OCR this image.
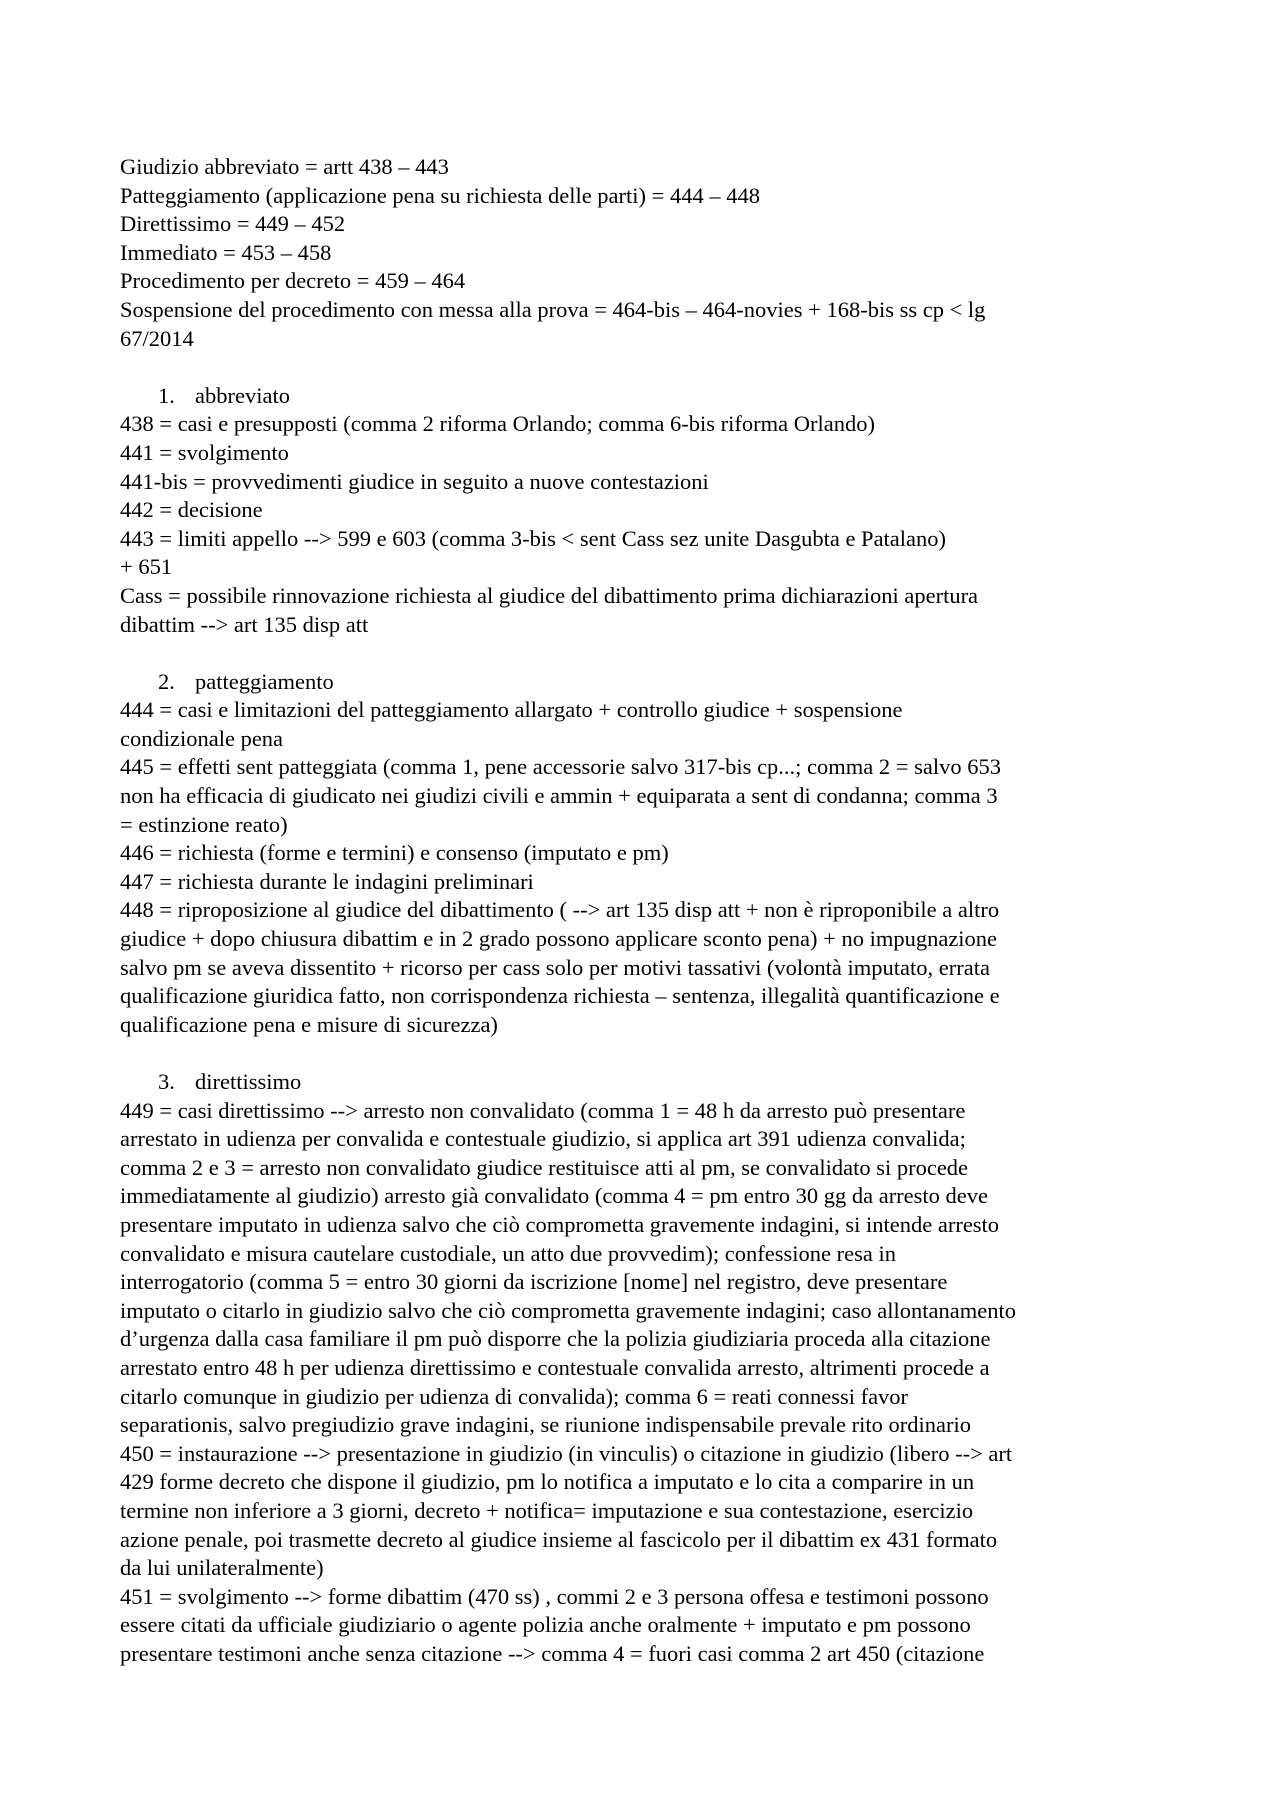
Giudizio abbreviato = artt 438 – 443
Patteggiamento (applicazione pena su richiesta delle parti) = 444 – 448
Direttissimo = 449 – 452
Immediato = 453 – 458
Procedimento per decreto = 459 – 464
Sospensione del procedimento con messa alla prova = 464-bis – 464-novies + 168-bis ss cp < lg
67/2014
1. abbreviato
438 = casi e presupposti (comma 2 riforma Orlando; comma 6-bis riforma Orlando)
441 = svolgimento
441-bis = provvedimenti giudice in seguito a nuove contestazioni
442 = decisione
443 = limiti appello --> 599 e 603 (comma 3-bis < sent Cass sez unite Dasgubta e Patalano)
+ 651
Cass = possibile rinnovazione richiesta al giudice del dibattimento prima dichiarazioni apertura
dibattim --> art 135 disp att
2. patteggiamento
444 = casi e limitazioni del patteggiamento allargato + controllo giudice + sospensione
condizionale pena
445 = effetti sent patteggiata (comma 1, pene accessorie salvo 317-bis cp...; comma 2 = salvo 653
non ha efficacia di giudicato nei giudizi civili e ammin + equiparata a sent di condanna; comma 3
= estinzione reato)
446 = richiesta (forme e termini) e consenso (imputato e pm)
447 = richiesta durante le indagini preliminari
448 = riproposizione al giudice del dibattimento ( --> art 135 disp att + non è riproponibile a altro
giudice + dopo chiusura dibattim e in 2 grado possono applicare sconto pena) + no impugnazione
salvo pm se aveva dissentito + ricorso per cass solo per motivi tassativi (volontà imputato, errata
qualificazione giuridica fatto, non corrispondenza richiesta – sentenza, illegalità quantificazione e
qualificazione pena e misure di sicurezza)
3. direttissimo
449 = casi direttissimo --> arresto non convalidato (comma 1 = 48 h da arresto può presentare
arrestato in udienza per convalida e contestuale giudizio, si applica art 391 udienza convalida;
comma 2 e 3 = arresto non convalidato giudice restituisce atti al pm, se convalidato si procede
immediatamente al giudizio) arresto già convalidato (comma 4 = pm entro 30 gg da arresto deve
presentare imputato in udienza salvo che ciò comprometta gravemente indagini, si intende arresto
convalidato e misura cautelare custodiale, un atto due provvedim); confessione resa in
interrogatorio (comma 5 = entro 30 giorni da iscrizione [nome] nel registro, deve presentare
imputato o citarlo in giudizio salvo che ciò comprometta gravemente indagini; caso allontanamento
d’urgenza dalla casa familiare il pm può disporre che la polizia giudiziaria proceda alla citazione
arrestato entro 48 h per udienza direttissimo e contestuale convalida arresto, altrimenti procede a
citarlo comunque in giudizio per udienza di convalida); comma 6 = reati connessi favor
separationis, salvo pregiudizio grave indagini, se riunione indispensabile prevale rito ordinario
450 = instaurazione --> presentazione in giudizio (in vinculis) o citazione in giudizio (libero --> art
429 forme decreto che dispone il giudizio, pm lo notifica a imputato e lo cita a comparire in un
termine non inferiore a 3 giorni, decreto + notifica= imputazione e sua contestazione, esercizio
azione penale, poi trasmette decreto al giudice insieme al fascicolo per il dibattim ex 431 formato
da lui unilateralmente)
451 = svolgimento --> forme dibattim (470 ss) , commi 2 e 3 persona offesa e testimoni possono
essere citati da ufficiale giudiziario o agente polizia anche oralmente + imputato e pm possono
presentare testimoni anche senza citazione --> comma 4 = fuori casi comma 2 art 450 (citazione
